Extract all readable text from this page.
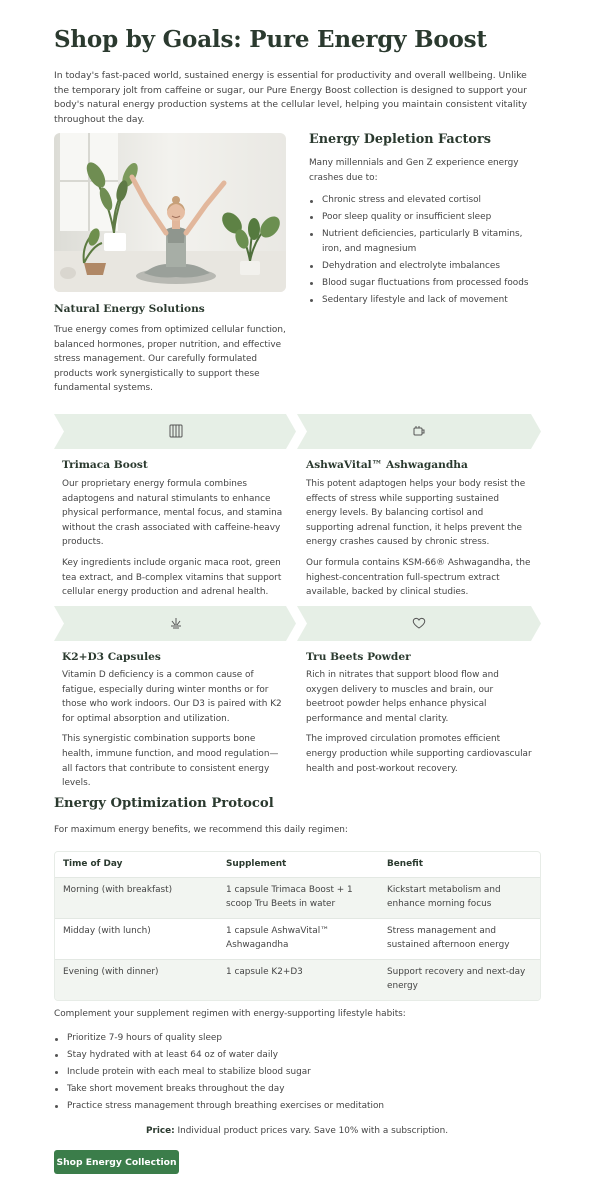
Shop by Goals: Pure Energy Boost

In today's fast-paced world, sustained energy is essential for productivity and overall wellbeing. Unlike the temporary jolt from caffeine or sugar, our Pure Energy Boost collection is designed to support your body's natural energy production systems at the cellular level, helping you maintain consistent vitality throughout the day.

Natural Energy Solutions

True energy comes from optimized cellular function, balanced hormones, proper nutrition, and effective stress management. Our carefully formulated products work synergistically to support these fundamental systems.

Energy Depletion Factors

Many millennials and Gen Z experience energy crashes due to:

Chronic stress and elevated cortisol
Poor sleep quality or insufficient sleep
Nutrient deficiencies, particularly B vitamins, iron, and magnesium
Dehydration and electrolyte imbalances
Blood sugar fluctuations from processed foods
Sedentary lifestyle and lack of movement
Trimaca Boost

Our proprietary energy formula combines adaptogens and natural stimulants to enhance physical performance, mental focus, and stamina without the crash associated with caffeine-heavy products.

Key ingredients include organic maca root, green tea extract, and B-complex vitamins that support cellular energy production and adrenal health.

AshwaVital™ Ashwagandha

This potent adaptogen helps your body resist the effects of stress while supporting sustained energy levels. By balancing cortisol and supporting adrenal function, it helps prevent the energy crashes caused by chronic stress.

Our formula contains KSM-66® Ashwagandha, the highest-concentration full-spectrum extract available, backed by clinical studies.

K2+D3 Capsules

Vitamin D deficiency is a common cause of fatigue, especially during winter months or for those who work indoors. Our D3 is paired with K2 for optimal absorption and utilization.

This synergistic combination supports bone health, immune function, and mood regulation—all factors that contribute to consistent energy levels.

Tru Beets Powder

Rich in nitrates that support blood flow and oxygen delivery to muscles and brain, our beetroot powder helps enhance physical performance and mental clarity.

The improved circulation promotes efficient energy production while supporting cardiovascular health and post-workout recovery.

Energy Optimization Protocol

For maximum energy benefits, we recommend this daily regimen:

Time of Day	Supplement	Benefit
Morning (with breakfast)	1 capsule Trimaca Boost + 1 scoop Tru Beets in water	Kickstart metabolism and enhance morning focus
Midday (with lunch)	1 capsule AshwaVital™ Ashwagandha	Stress management and sustained afternoon energy
Evening (with dinner)	1 capsule K2+D3	Support recovery and next-day energy

Complement your supplement regimen with energy-supporting lifestyle habits:

Prioritize 7-9 hours of quality sleep
Stay hydrated with at least 64 oz of water daily
Include protein with each meal to stabilize blood sugar
Take short movement breaks throughout the day
Practice stress management through breathing exercises or meditation

Price: Individual product prices vary. Save 10% with a subscription.

Shop Energy Collection
